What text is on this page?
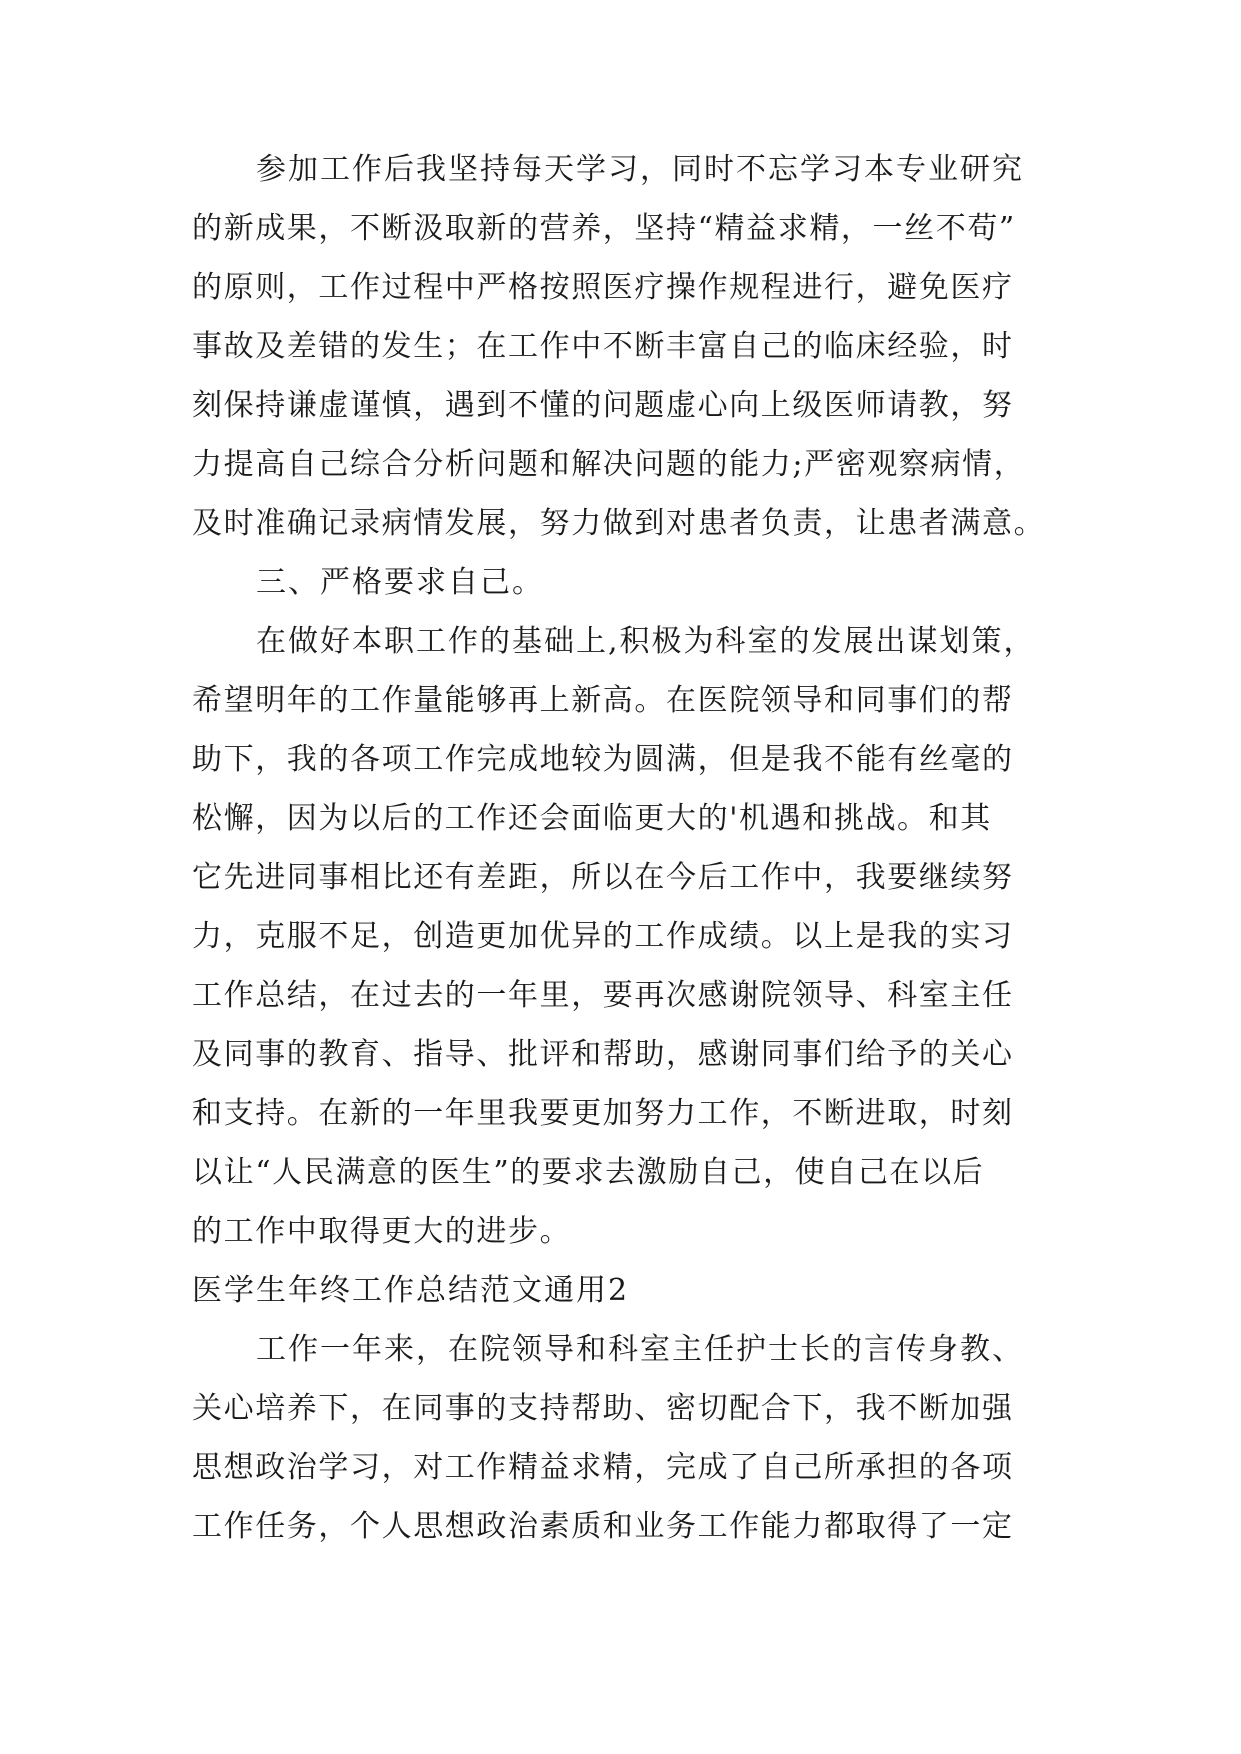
参加工作后我坚持每天学习，同时不忘学习本专业研究
的新成果，不断汲取新的营养，坚持“精益求精，一丝不苟”
的原则，工作过程中严格按照医疗操作规程进行，避免医疗
事故及差错的发生；在工作中不断丰富自己的临床经验，时
刻保持谦虚谨慎，遇到不懂的问题虚心向上级医师请教，努
力提高自己综合分析问题和解决问题的能力;严密观察病情，
及时准确记录病情发展，努力做到对患者负责，让患者满意。
三、严格要求自己。
在做好本职工作的基础上,积极为科室的发展出谋划策，
希望明年的工作量能够再上新高。在医院领导和同事们的帮
助下，我的各项工作完成地较为圆满，但是我不能有丝毫的
松懈，因为以后的工作还会面临更大的'机遇和挑战。和其
它先进同事相比还有差距，所以在今后工作中，我要继续努
力，克服不足，创造更加优异的工作成绩。以上是我的实习
工作总结，在过去的一年里，要再次感谢院领导、科室主任
及同事的教育、指导、批评和帮助，感谢同事们给予的关心
和支持。在新的一年里我要更加努力工作，不断进取，时刻
以让“人民满意的医生”的要求去激励自己，使自己在以后
的工作中取得更大的进步。
医学生年终工作总结范文通用2
工作一年来，在院领导和科室主任护士长的言传身教、
关心培养下，在同事的支持帮助、密切配合下，我不断加强
思想政治学习，对工作精益求精，完成了自己所承担的各项
工作任务，个人思想政治素质和业务工作能力都取得了一定
